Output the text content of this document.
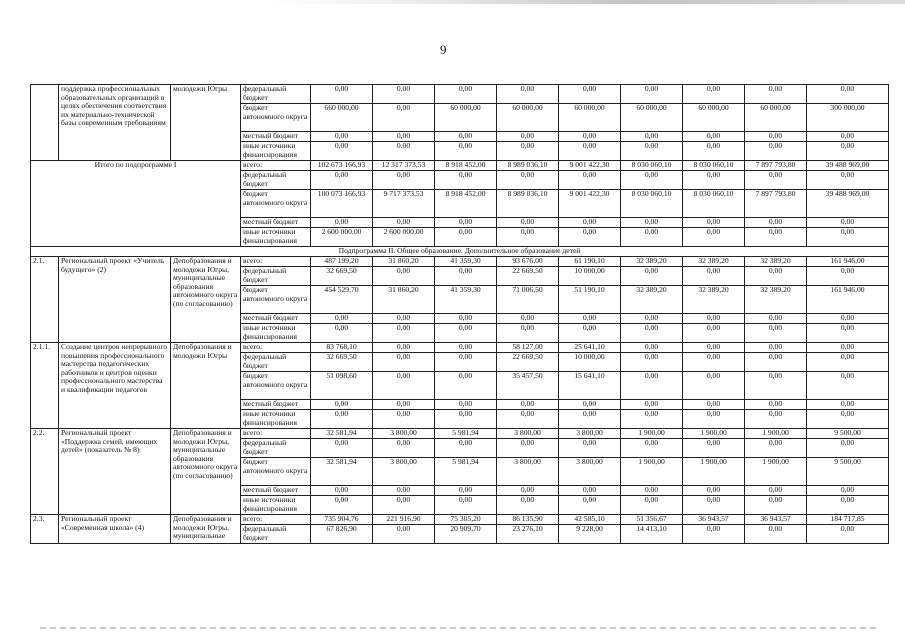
9
	поддержка профессиональных образовательных организаций в целях обеспечения соответствия их материально-технической базы современным требованиям	молодежи Югры	федеральный бюджет	0,00	0,00	0,00	0,00	0,00	0,00	0,00	0,00	0,00
			бюджет автономного округа	660 000,00	0,00	60 000,00	60 000,00	60 000,00	60 000,00	60 000,00	60 000,00	300 000,00
			местный бюджет	0,00	0,00	0,00	0,00	0,00	0,00	0,00	0,00	0,00
			иные источники финансирования	0,00	0,00	0,00	0,00	0,00	0,00	0,00	0,00	0,00
Итого по подпрограмме I			всего:	102 673 166,93	12 317 373,53	8 918 452,00	8 989 036,10	9 001 422,30	8 030 060,10	8 030 060,10	7 897 793,80	39 488 969,00
			федеральный бюджет	0,00	0,00	0,00	0,00	0,00	0,00	0,00	0,00	0,00
			бюджет автономного округа	100 073 166,93	9 717 373,53	8 918 452,00	8 989 036,10	9 001 422,30	8 030 060,10	8 030 060,10	7 897 793,80	39 488 969,00
			местный бюджет	0,00	0,00	0,00	0,00	0,00	0,00	0,00	0,00	0,00
			иные источники финансирования	2 600 000,00	2 600 000,00	0,00	0,00	0,00	0,00	0,00	0,00	0,00
Подпрограмма II. Общее образование. Дополнительное образование детей												
2.1.	Региональный проект «Учитель будущего» (2)	Депобразования и молодежи Югры, муниципальные образования автономного округа (по согласованию)	всего:	487 199,20	31 860,20	41 359,30	93 676,00	61 190,10	32 389,20	32 389,20	32 389,20	161 946,00
			федеральный бюджет	32 669,50	0,00	0,00	22 669,50	10 000,00	0,00	0,00	0,00	0,00
			бюджет автономного округа	454 529,70	31 860,20	41 359,30	71 006,50	51 190,10	32 389,20	32 389,20	32 389,20	161 946,00
			местный бюджет	0,00	0,00	0,00	0,00	0,00	0,00	0,00	0,00	0,00
			иные источники финансирования	0,00	0,00	0,00	0,00	0,00	0,00	0,00	0,00	0,00
2.1.1.	Создание центров непрерывного повышения профессионального мастерства педагогических работников и центров оценки профессионального мастерства и квалификации педагогов	Депобразования и молодежи Югры	всего:	83 768,10	0,00	0,00	58 127,00	25 641,10	0,00	0,00	0,00	0,00
			федеральный бюджет	32 669,50	0,00	0,00	22 669,50	10 000,00	0,00	0,00	0,00	0,00
			бюджет автономного округа	51 098,60	0,00	0,00	35 457,50	15 641,10	0,00	0,00	0,00	0,00
			местный бюджет	0,00	0,00	0,00	0,00	0,00	0,00	0,00	0,00	0,00
			иные источники финансирования	0,00	0,00	0,00	0,00	0,00	0,00	0,00	0,00	0,00
2.2.	Региональный проект «Поддержка семей, имеющих детей» (показатель № 8)	Депобразования и молодежи Югры, муниципальные образования автономного округа (по согласованию)	всего:	32 581,94	3 800,00	5 981,94	3 800,00	3 800,00	1 900,00	1 900,00	1 900,00	9 500,00
			федеральный бюджет	0,00	0,00	0,00	0,00	0,00	0,00	0,00	0,00	0,00
			бюджет автономного округа	32 581,94	3 800,00	5 981,94	3 800,00	3 800,00	1 900,00	1 900,00	1 900,00	9 500,00
			местный бюджет	0,00	0,00	0,00	0,00	0,00	0,00	0,00	0,00	0,00
			иные источники финансирования	0,00	0,00	0,00	0,00	0,00	0,00	0,00	0,00	0,00
2.3.	Региональный проект «Современная школа» (4)	Депобразования и молодежи Югры, муниципальные	всего:	735 904,76	221 916,90	75 305,20	86 135,90	42 585,10	51 356,67	36 943,57	36 943,57	184 717,85
			федеральный бюджет	67 826,90	0,00	20 909,70	23 276,10	9 228,00	14 413,10	0,00	0,00	0,00
